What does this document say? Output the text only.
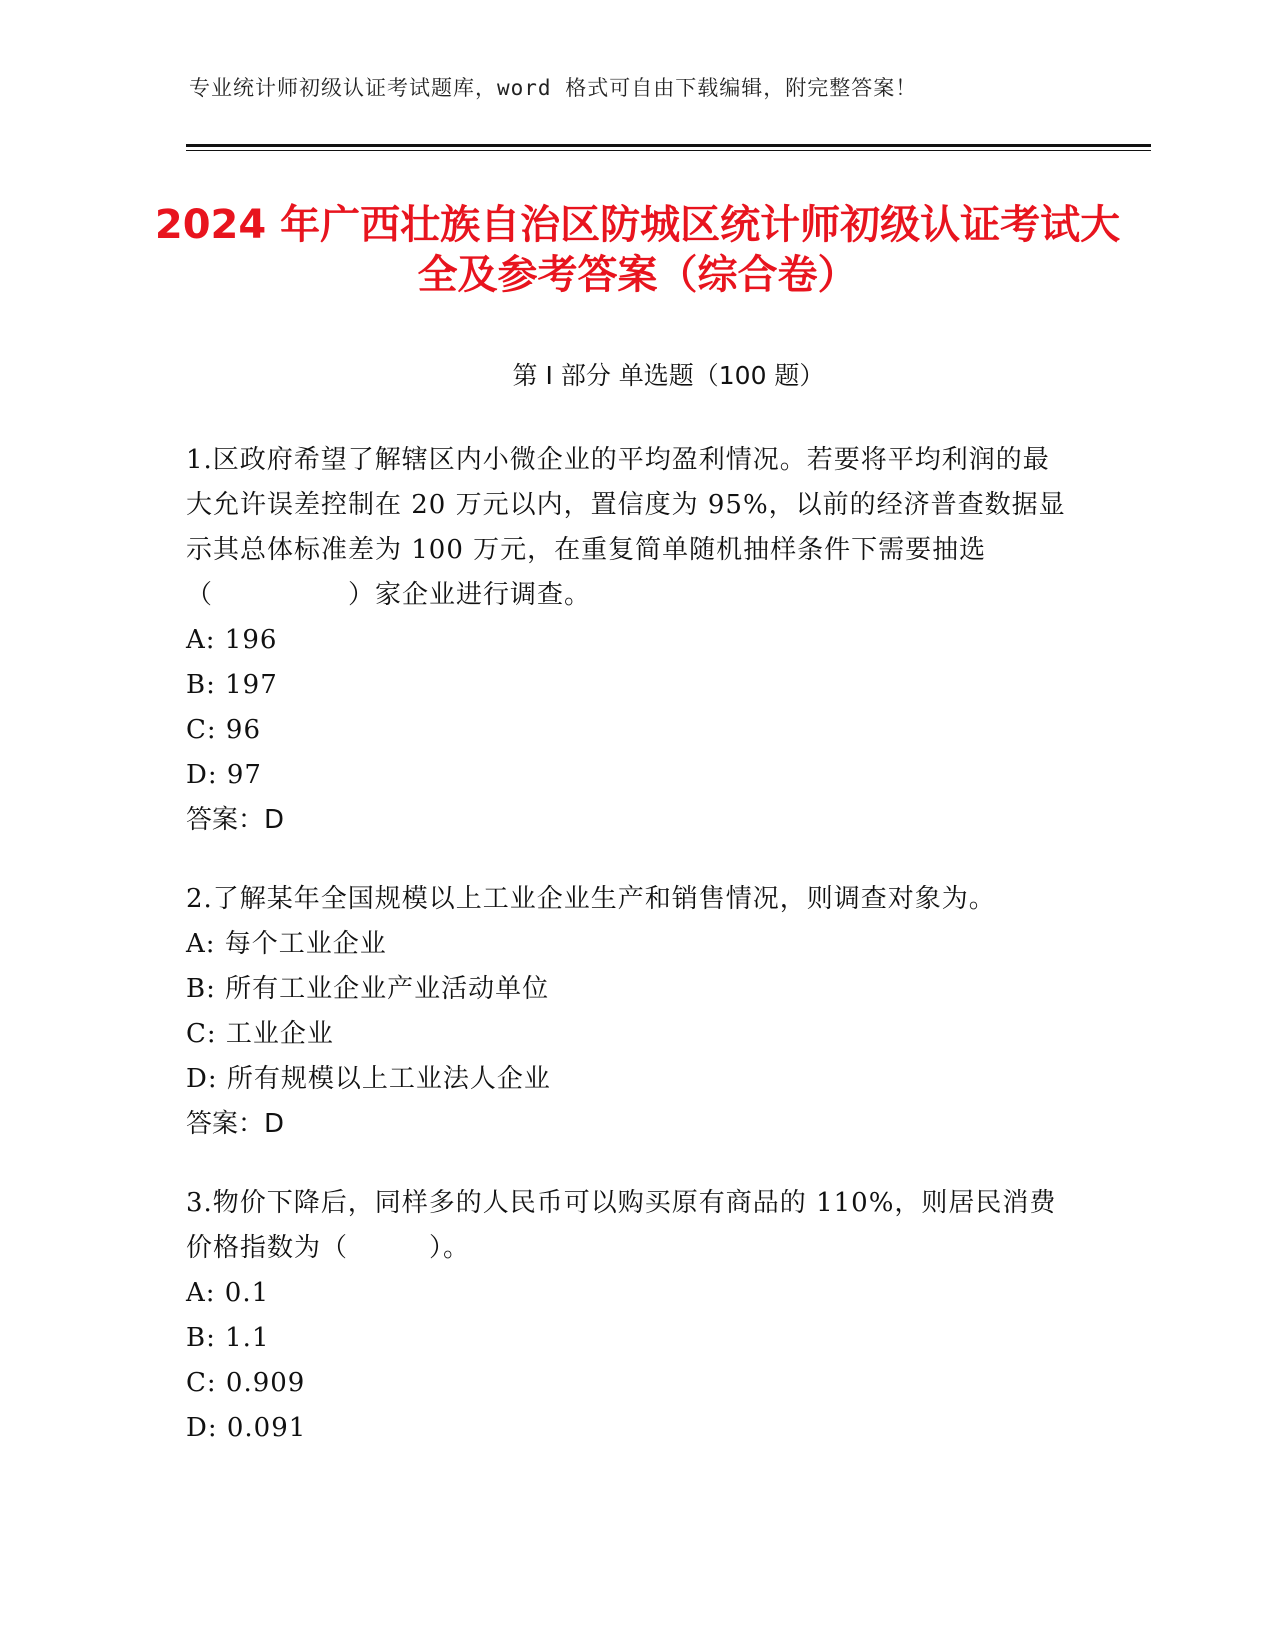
专业统计师初级认证考试题库，word 格式可自由下载编辑，附完整答案！
2024 年广西壮族自治区防城区统计师初级认证考试大全及参考答案（综合卷）
第 I 部分 单选题（100 题）
1.区政府希望了解辖区内小微企业的平均盈利情况。若要将平均利润的最大允许误差控制在 20 万元以内，置信度为 95%，以前的经济普查数据显示其总体标准差为 100 万元，在重复简单随机抽样条件下需要抽选（　　　　　）家企业进行调查。
A: 196
B: 197
C: 96
D: 97
答案：D
2.了解某年全国规模以上工业企业生产和销售情况，则调查对象为。
A: 每个工业企业
B: 所有工业企业产业活动单位
C: 工业企业
D: 所有规模以上工业法人企业
答案：D
3.物价下降后，同样多的人民币可以购买原有商品的 110%，则居民消费价格指数为（　　　）。
A: 0.1
B: 1.1
C: 0.909
D: 0.091
